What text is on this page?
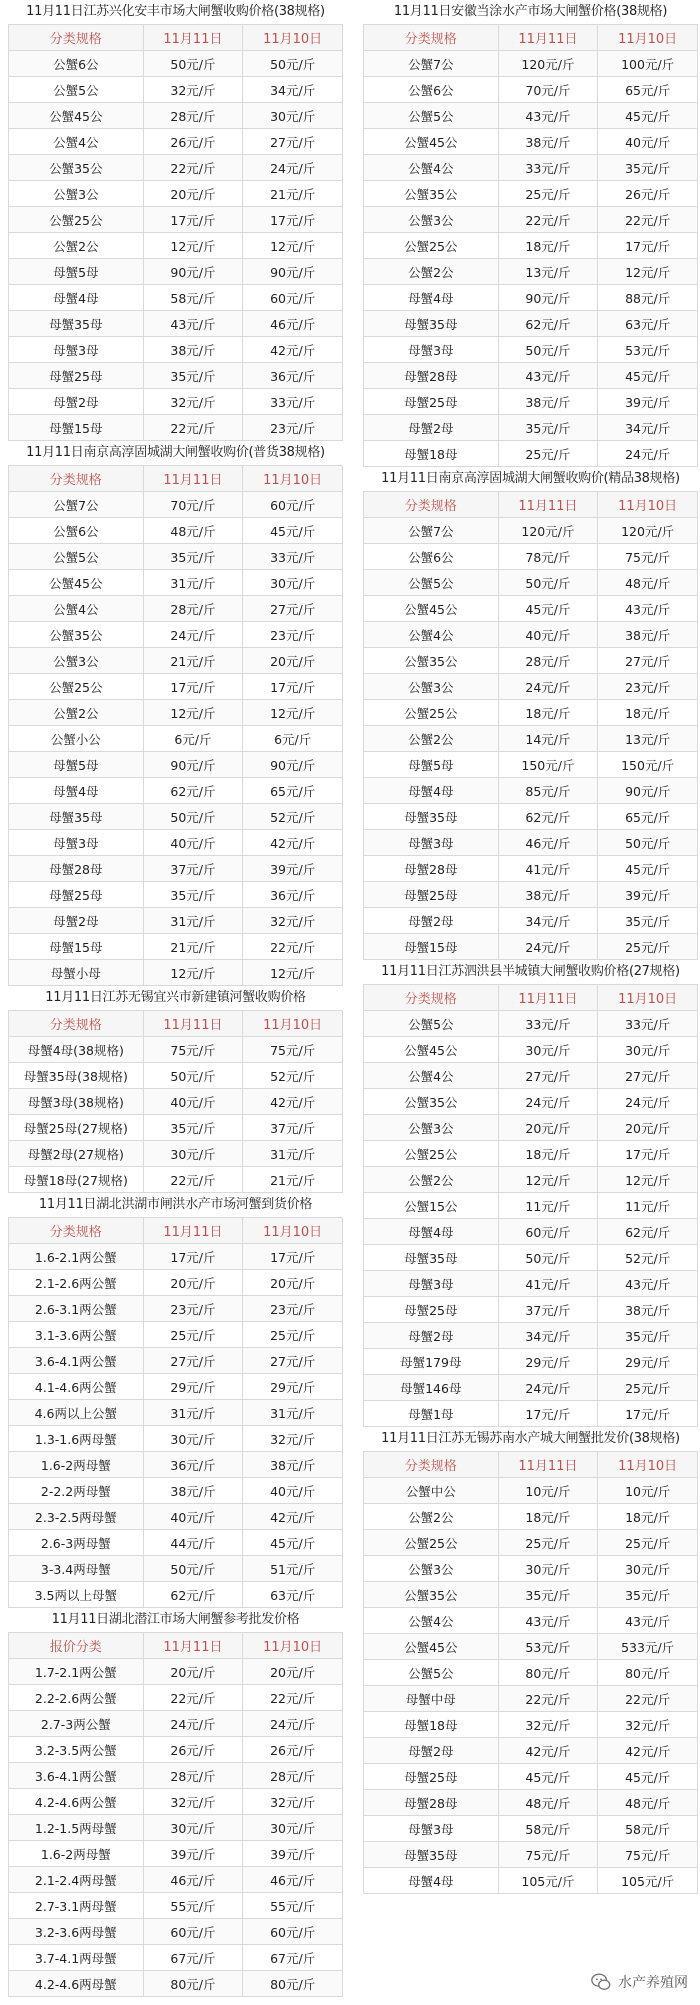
11月11日江苏兴化安丰市场大闸蟹收购价格(38规格)
分类规格	11月11日	11月10日
公蟹6公	50元/斤	50元/斤
公蟹5公	32元/斤	34元/斤
公蟹45公	28元/斤	30元/斤
公蟹4公	26元/斤	27元/斤
公蟹35公	22元/斤	24元/斤
公蟹3公	20元/斤	21元/斤
公蟹25公	17元/斤	17元/斤
公蟹2公	12元/斤	12元/斤
母蟹5母	90元/斤	90元/斤
母蟹4母	58元/斤	60元/斤
母蟹35母	43元/斤	46元/斤
母蟹3母	38元/斤	42元/斤
母蟹25母	35元/斤	36元/斤
母蟹2母	32元/斤	33元/斤
母蟹15母	22元/斤	23元/斤
11月11日南京高淳固城湖大闸蟹收购价(普货38规格)
分类规格	11月11日	11月10日
公蟹7公	70元/斤	60元/斤
公蟹6公	48元/斤	45元/斤
公蟹5公	35元/斤	33元/斤
公蟹45公	31元/斤	30元/斤
公蟹4公	28元/斤	27元/斤
公蟹35公	24元/斤	23元/斤
公蟹3公	21元/斤	20元/斤
公蟹25公	17元/斤	17元/斤
公蟹2公	12元/斤	12元/斤
公蟹小公	6元/斤	6元/斤
母蟹5母	90元/斤	90元/斤
母蟹4母	62元/斤	65元/斤
母蟹35母	50元/斤	52元/斤
母蟹3母	40元/斤	42元/斤
母蟹28母	37元/斤	39元/斤
母蟹25母	35元/斤	36元/斤
母蟹2母	31元/斤	32元/斤
母蟹15母	21元/斤	22元/斤
母蟹小母	12元/斤	12元/斤
11月11日江苏无锡宜兴市新建镇河蟹收购价格
分类规格	11月11日	11月10日
母蟹4母(38规格)	75元/斤	75元/斤
母蟹35母(38规格)	50元/斤	52元/斤
母蟹3母(38规格)	40元/斤	42元/斤
母蟹25母(27规格)	35元/斤	37元/斤
母蟹2母(27规格)	30元/斤	31元/斤
母蟹18母(27规格)	22元/斤	21元/斤
11月11日湖北洪湖市闸洪水产市场河蟹到货价格
分类规格	11月11日	11月10日
1.6-2.1两公蟹	17元/斤	17元/斤
2.1-2.6两公蟹	20元/斤	20元/斤
2.6-3.1两公蟹	23元/斤	23元/斤
3.1-3.6两公蟹	25元/斤	25元/斤
3.6-4.1两公蟹	27元/斤	27元/斤
4.1-4.6两公蟹	29元/斤	29元/斤
4.6两以上公蟹	31元/斤	31元/斤
1.3-1.6两母蟹	30元/斤	32元/斤
1.6-2两母蟹	36元/斤	38元/斤
2-2.2两母蟹	38元/斤	40元/斤
2.3-2.5两母蟹	40元/斤	42元/斤
2.6-3两母蟹	44元/斤	45元/斤
3-3.4两母蟹	50元/斤	51元/斤
3.5两以上母蟹	62元/斤	63元/斤
11月11日湖北潜江市场大闸蟹参考批发价格
报价分类	11月11日	11月10日
1.7-2.1两公蟹	20元/斤	20元/斤
2.2-2.6两公蟹	22元/斤	22元/斤
2.7-3两公蟹	24元/斤	24元/斤
3.2-3.5两公蟹	26元/斤	26元/斤
3.6-4.1两公蟹	28元/斤	28元/斤
4.2-4.6两公蟹	32元/斤	32元/斤
1.2-1.5两母蟹	30元/斤	30元/斤
1.6-2两母蟹	39元/斤	39元/斤
2.1-2.4两母蟹	46元/斤	46元/斤
2.7-3.1两母蟹	55元/斤	55元/斤
3.2-3.6两母蟹	60元/斤	60元/斤
3.7-4.1两母蟹	67元/斤	67元/斤
4.2-4.6两母蟹	80元/斤	80元/斤
11月11日安徽当涂水产市场大闸蟹价格(38规格)
分类规格	11月11日	11月10日
公蟹7公	120元/斤	100元/斤
公蟹6公	70元/斤	65元/斤
公蟹5公	43元/斤	45元/斤
公蟹45公	38元/斤	40元/斤
公蟹4公	33元/斤	35元/斤
公蟹35公	25元/斤	26元/斤
公蟹3公	22元/斤	22元/斤
公蟹25公	18元/斤	17元/斤
公蟹2公	13元/斤	12元/斤
母蟹4母	90元/斤	88元/斤
母蟹35母	62元/斤	63元/斤
母蟹3母	50元/斤	53元/斤
母蟹28母	43元/斤	45元/斤
母蟹25母	38元/斤	39元/斤
母蟹2母	35元/斤	34元/斤
母蟹18母	25元/斤	24元/斤
11月11日南京高淳固城湖大闸蟹收购价(精品38规格)
分类规格	11月11日	11月10日
公蟹7公	120元/斤	120元/斤
公蟹6公	78元/斤	75元/斤
公蟹5公	50元/斤	48元/斤
公蟹45公	45元/斤	43元/斤
公蟹4公	40元/斤	38元/斤
公蟹35公	28元/斤	27元/斤
公蟹3公	24元/斤	23元/斤
公蟹25公	18元/斤	18元/斤
公蟹2公	14元/斤	13元/斤
母蟹5母	150元/斤	150元/斤
母蟹4母	85元/斤	90元/斤
母蟹35母	62元/斤	65元/斤
母蟹3母	46元/斤	50元/斤
母蟹28母	41元/斤	45元/斤
母蟹25母	38元/斤	39元/斤
母蟹2母	34元/斤	35元/斤
母蟹15母	24元/斤	25元/斤
11月11日江苏泗洪县半城镇大闸蟹收购价格(27规格)
分类规格	11月11日	11月10日
公蟹5公	33元/斤	33元/斤
公蟹45公	30元/斤	30元/斤
公蟹4公	27元/斤	27元/斤
公蟹35公	24元/斤	24元/斤
公蟹3公	20元/斤	20元/斤
公蟹25公	18元/斤	17元/斤
公蟹2公	12元/斤	12元/斤
公蟹15公	11元/斤	11元/斤
母蟹4母	60元/斤	62元/斤
母蟹35母	50元/斤	52元/斤
母蟹3母	41元/斤	43元/斤
母蟹25母	37元/斤	38元/斤
母蟹2母	34元/斤	35元/斤
母蟹179母	29元/斤	29元/斤
母蟹146母	24元/斤	25元/斤
母蟹1母	17元/斤	17元/斤
11月11日江苏无锡苏南水产城大闸蟹批发价(38规格)
分类规格	11月11日	11月10日
公蟹中公	10元/斤	10元/斤
公蟹2公	18元/斤	18元/斤
公蟹25公	25元/斤	25元/斤
公蟹3公	30元/斤	30元/斤
公蟹35公	35元/斤	35元/斤
公蟹4公	43元/斤	43元/斤
公蟹45公	53元/斤	533元/斤
公蟹5公	80元/斤	80元/斤
母蟹中母	22元/斤	22元/斤
母蟹18母	32元/斤	32元/斤
母蟹2母	42元/斤	42元/斤
母蟹25母	45元/斤	45元/斤
母蟹28母	48元/斤	48元/斤
母蟹3母	58元/斤	58元/斤
母蟹35母	75元/斤	75元/斤
母蟹4母	105元/斤	105元/斤
水产养殖网
